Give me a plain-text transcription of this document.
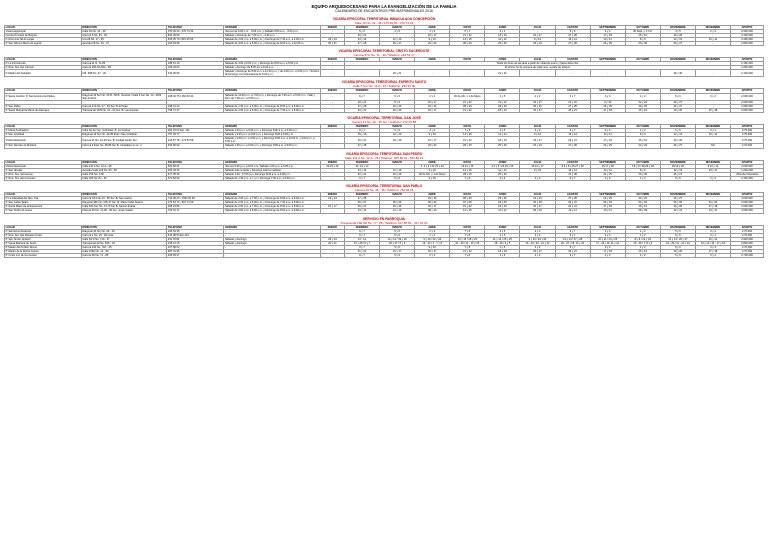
EQUIPO ARQUIDIOCESANO PARA LA EVANGELIZACIÓN DE LA FAMILIA
CALENDARIO DE ENCUENTROS PRE-MATRIMONIALES 2016
VICARÍA EPISCOPAL TERRITORIAL INMACULADA CONCEPCIÓN
Calle 19 No. 32 - 46 / 370 49 40 - 370 74 32
LUGAR	DIRECCIÓN	TELÉFONO	HORARIO	ENERO	FEBRERO	MARZO	ABRIL	MAYO	JUNIO	JULIO	AGOSTO	SEPTIEMBRE	OCTUBRE	NOVIEMBRE	DICIEMBRE	APORTE
Vicaría Episcopal	Calle 19 No. 32 - 46	370 49 40 - 370 74 32	Viernes de 6:30 p.m. - 9:00 p.m. y Sábado 8:00 a.m. - 6:00 p.m.	-	5 y 6	4 y 5	1 y 2	6 y 7	3 y 4	-	5 y 6	2 y 3	30 Sept. y 1 Oct.	4 y 5	2 y 3	2.900.000
Comité Primado de Bogotá	Carrera 5 No. 25 - 03	831 33 53	Sábado y Domingo de 7:00 a.m. - 2:30 p.m.	-	20 y 21	-	16 y 17	21 y 22	18 y 19	16 y 17	27 y 28	17 y 18	15 y 16	19 y 20	-	3.100.000
P. Nino Ana Tal de Liejas	Cra 28 No. 17 - 35	815 25 70 / 815 25 66	Sábado de 2:00 p.m. a 6:00 p.m. y Domingo de 7:30 a.m. a 2:30 p.m.	23 y 24	13 y 14	12 y 13	9 y 10	14 y 15	11 y 12	9 y 10	13 y 14	10 y 11	8 y 9	12 y 13	10 y 11	3.400.000
P. San Alfonso María de Ligorio	Avenida 28 No. 39 - 37	244 53 08	Sábado de 9:00 a.m. a 5:00 p.m. y Domingo de 8:00 a.m. a 12:00 m.	30 y 31	27 y 28	26 y 27	23 y 24	28 y 29	25 y 26	23 y 24	27 y 28	24 y 25	29 y 30	26 y 27	-	2.800.000
VICARÍA EPISCOPAL TERRITORIAL CRISTO SACERDOTE
Carrera 27C No. 71 - 30 / Teléfono: 240 51 17
LUGAR	DIRECCIÓN	TELÉFONO	HORARIO	ENERO	FEBRERO	MARZO	ABRIL	MAYO	JUNIO	JULIO	AGOSTO	SEPTIEMBRE	OCTUBRE	NOVIEMBRE	DICIEMBRE	APORTE
P. La Porciúncula	Carrera 11 N. 71-83	248 61 19	Sábado de 3:00 a 6:00 p.m. y Domingo de 8:00 a.m. a 5:00 p.m.	-	Todos los fines de semana a partir de mitad de enero y hasta diciembre											2.150.000
P. Ntra. Sra. Del Carmen	Carrera 28A No.65A - 59	249 33 64	Sábado y domingo de 8:00 am a 6:00 p.m.	-	El primer fin de semana de cada mes, a partir de febrero											2.250.000
P. Madre del Salvador	Cl6. 53B No. 27 - 46	310 45 56	Sábado y Domingo de 8:00 a.m. a 12:30 p.m. y de 2:00 p.m. a 6:00 p.m. / Tercera di Domingo con la Eucaristía de 5:00 p.m.	-	-	20 y 21	-	-	21 y 22	-	-	-	-	29 y 30	-	2.100.000
VICARÍA EPISCOPAL TERRITORIAL ESPÍRITU SANTO
Calle 6 Sur No. 14-A - 15 / Teléfono: 233 91 00
LUGAR	DIRECCIÓN	TELÉFONO	HORARIO	ENERO	FEBRERO	MARZO	ABRIL	MAYO	JUNIO	JULIO	AGOSTO	SEPTIEMBRE	OCTUBRE	NOVIEMBRE	DICIEMBRE	APORTE
P. Santa Cecilia / P. San Antonio de Padua	Diagonal 40 Sur No. 53 B - 56 B. Venecia / Calle 6 Sur No. 14 - 08 B. San Antonio	238 03 75 / 366 80 40	Sábado de 12:30 p.m. a 7:00 p.m. y Domingo de 7:00 a.m. a 5:00 p.m. / Sáb y Dom de 7:00 a.m. a 5:00 p.m.	-	6 y 7	5 y 6	2 y 3	30 de Abr. y 1 de Mayo	4 y 5	2 y 3	6 y 7	3 y 4	1 y 2	5 y 6	3 y 4	2.000.000
				-	20 y 21	8 y 9	16 y 17	21 y 22	11 y 12	16 y 17	21 y 22	9 y 10	22 y 23	26 y 27	-	2.000.000
P. San Pablo	Carrera 17A No. 17 - 63 Sur. B. El Tejar	238 41 24	Sábado de 1:30 p.m. a 6:00 p.m. y Domingo de 8:00 a.m. a 5:00 p.m.	-	27 y 28	19 y 20	23 y 24	28 y 29	25 y 26	30 y 31	27 y 28	24 y 25	29 y 30	26 y 27	-	2.900.000
P. Santa Margarita María de Alacoque	Transversal 18 B No. 61 - 04 Sur. B. Las Acacias	796 71 37	Sábado de 2:00 p.m. a 6:00 p.m. y Domingo de 7:00 a.m. a 6:00 p.m.	-	20 y 21	19 y 20	16 y 17	21 y 22	18 y 19	16 y 17	20 y 21	17 y 18	15 y 16	19 y 20	10 y 18	3.000.000
VICARÍA EPISCOPAL TERRITORIAL SAN JOSÉ
Carrera 11 No. 16 - 25 Sur / Teléfono: 272 53 58
LUGAR	DIRECCIÓN	TELÉFONO	HORARIO	ENERO	FEBRERO	MARZO	ABRIL	MAYO	JUNIO	JULIO	AGOSTO	SEPTIEMBRE	OCTUBRE	NOVIEMBRE	DICIEMBRE	APORTE
P. María Auxiliadora	Calle 40 Sur No. 4-26 Este. B. La Victoria	264 15 02 Ext. 114	Sábado 2:00 p.m. a 6:00 p.m. y Domingo 8:00 a.m. a 6:00 p.m.	-	6 y 7	5 y 6	2 y 3	7 y 8	4 y 5	2 y 3	6 y 7	3 y 4	1 y 2	5 y 6	3 y 4	2.75.000
P. San Cristóbal	Diagonal 13 Sur No. 40-95 Este / San Cristóbal	757 04 77	Sábado y 3:00 p.m. a 6:00 p.m. y Domingo 8:00 a 6:00 p.m.	-	15 y 16	12 y 13	9 y 10	14 y 15	11 y 12	9 y 10	13 y 14	10 y 11	8 y 9	12 y 13	10 y 11	2.75.000
Vicaría Episcopal	Carrera 11 No. 16-25 Sur. B. Ciudad Jardín Sur	243 57 78 - 272 53 58	Sábado y 2:00 p.m. a 6:00 p.m. y Domingo 8:00 a.m. a 12:00 m. y 2:00 p.m. a 6:00 p.m.	-	20 y 21	19 y 20	16 y 17	21 y 22	18 y 19	16 y 17	20 y 21	17 y 18	15 y 16	19 y 20	-	2.75.000
P. San Damián de Molokai	Carrera 3 Este No. 28-85 Sur B. Ciudadela 1 Loc. 4	462 56 92	Sábado 1:45 p.m. a 6:00 p.m. y Domingo 8:00 a.m. a 5:00 p.m.	-	27 y 28	-	23 y 24	28 y 29	25 y 26	23 y 24	27 y 28	24 y 25	22 y 23	26 y 27	NO	2.70.000
VICARÍA EPISCOPAL TERRITORIAL SAN PEDRO
Calle 131 A No. 12-A - 26 / Teléfono: 625 82 21 - 520 82 21
LUGAR	DIRECCIÓN	TELÉFONO	HORARIO	ENERO	FEBRERO	MARZO	ABRIL	MAYO	JUNIO	JULIO	AGOSTO	SEPTIEMBRE	OCTUBRE	NOVIEMBRE	DICIEMBRE	APORTE
Vicaría Episcopal	Calle 131 A No. 12-A - 26	520 82 21	Viernes 6:30 p.m. a 9:00 p.m. Sábado 1:00 p.m. a 6:00 p.m.	22,23 y 24	12, 13 y 14	-	1, 2 y 3 / 22,23 y 24	13,14 y 15	3,4 y 5 / 24,25 y 26	15,16 y 17	5,6 y 8 / 26,27 y 28	16,17 y 18	7,8 y 9 / 28,29 y 30	18,19 y 20	9,10 y 11	2.000.000
P. San Nicolás	Avenida Calle 116 No. 60 - 50	253 03 34	Sábado todo la tarde y Domingo todo la mañana	-	13 y 14	12 y 13	9 y 10	14 y 15	11 y 12	9 y 10	13 y 14	10 y 11	8 y 9	12 y 13	10 y 11	1.200.000
P. Ntra. Sra. del Campo	Calle 153 No. A 50	677 35 46	Sábado 1:00 - 17:00 p.m. Domingo 8:00 a.m. a 6:00 p.m.	-	20 y 21	19 y 20	30 de Abr. y 1 de Mayo	28 y 29	25 y 26	-	27 y 28	24 y 25	29 y 30	26 y 27	-	Ofrenda Voluntaria
P. Ntra. Sra. del Consuelo	Calle 156 No 7H - 40	671 84 90	Sábado de 1:30 p.m. a 7 p.m. Domingo 7:00 a.m. a 6:00 p.m.	-	6 y 7	5 y 6	9 y 10	7 y 8	4 y 5	2 y 3	6 y 7	3 y 4	1 y 2	5 y 6	3 y 4	2.150.000
VICARÍA EPISCOPAL TERRITORIAL SAN PABLO
Carrera 29 No. 45 - 45 / Teléfono: 764 02 06
LUGAR	DIRECCIÓN	TELÉFONO	HORARIO	ENERO	FEBRERO	MARZO	ABRIL	MAYO	JUNIO	JULIO	AGOSTO	SEPTIEMBRE	OCTUBRE	NOVIEMBRE	DICIEMBRE	APORTE
P. La Natividad del Ntro. Sra.	Carrera 18 A No.13 - 55 Sur. B. San Carlos	714 28 23 - 7063 62 63	Sábado de 2:00 p.m. a 7:00 p.m. y Domingo de 8:00 a.m. a 6:00 p.m.	23 y 24	27 y 28	-	23 y 24	28 y 29	25 y 26	23 y 24	27 y 28	24 y 25	22 y 23	26 y 27	-	3.000.000
P. San Judas Tadeo	Diagonal 36F No. 105-17 Sur. B. Marco Fidel Suárez	270 54 73 - 567 74 09	Sábado de 2:00 p.m. a 6:00 p.m. y Domingo de 7:00 a.m. a 5:00 p.m.	-	06 y 07	05 y 06	02 y 03	07 y 08	04 y 05	02 y 03	06 y 07	03 y 04	01 y 02	05 y 06	03 y 04	3.000.000
P. Santa María de la Esperanza	Calle 63A Sur No. 73-70 Sur B. Santa Librada	298 23 86	Sábado de 2:00 p.m. a 7:00 p.m. y Domingo de 8:00 a.m. a 5:00 p.m.	16 y 17	20 y 21	19 y 20	16 y 17	21 y 22	18 y 19	16 y 17	20 y 21	17 y 18	15 y 16	19 y 20	17 y 18	2.000.000
P. San Pedro de Arana	Carrera 36 No. 17-09 - 36 Sur. Jorge Gaitán	764 01 71	Sábado de 2:00 p.m. a 6:00 p.m. y Domingo de 8:00 a.m. a 6:00 p.m.	-	13 y 14	12 y 13	09 y 10	14 y 15	11 y 12	09 y 10	13 y 14	10 y 11	08 y 09	12 y 13	10 y 11	3.000.000
SERVICIO EN PARROQUIA
Transversal 15E 8H No. 77 - 85 / Teléfono: 617 85 81 - 317 01 03
LUGAR	DIRECCIÓN	TELÉFONO	HORARIO	ENERO	FEBRERO	MARZO	ABRIL	MAYO	JUNIO	JULIO	AGOSTO	SEPTIEMBRE	OCTUBRE	NOVIEMBRE	DICIEMBRE	APORTE
P. Santísimo Redentor	Diagonal 30 Sur No. 26 - 16	226 53 38	-	-	6 y 7	5 y 6	2 y 3	7 y 8	4 y 5	2 y 3	6 y 7	3 y 4	1 y 2	5 y 6	3 y 4	2.70.000
P. Ntra. Sra. Del Rosario (Cota)	Carrera 1 No. 15 - 93 Cota	610 08 50 Ext.113	-	-	6 y 7	5 y 6	2 y 3	7 y 8	4 y 5	2 y 3	6 y 7	3 y 4	1 y 2	5 y 6	3 y 4	2.70.000
P. San Simón Apóstol	Calle 63 D No. 71A - 37	311 78 82	Sábado y domingo	23 y 24	13 - 14	12 y 13 / 19 y 20	9 y 10 / 23 y 24	14 y 15 / 28 y 29	11 y 12 / 25 y 26	9 y 10 / 23 y 24	13 y 14 / 27 y 28	10 y 11 / 24 y 25	8 y 9 / 22 y 23	12 y 13 / 26 y 27	10 y 11	2.900.000
P. Santa Mariana de Jesús	Transversal 40 No. 60D - 43	315 14 15	Sábado y domingo	20 y 21	27 y 28 / 6 y 7	26 y 27 / 5 y 6	16 - 24 / 2 - 7 y 8	21 - 29 / 11 - 12 y 15	18 - 26 / 4 y 5	16 - 23 / 20 - 21 y 22	20 - 27 / 13, 14 y 15	17 - 24 / 10, 11 y 12	15 - 29 / 7, 8 y 9	19 - 26 / 11 - 12 y 13	10 y 11 / 16 - 17 y 18	2.800.000
P. Madre del Perdón Divino	Carrera 104 No. 71D - 25	227 68 02	-	-	6 y 7	5 y 6	9 y 10	7 y 8	4 y 5	2 y 3	6 y 7	3 y 4	1 y 2	5 y 6	3 y 4	2.70.000
P. Madre de la Divina Gracia	Calle 138A No. 12 - 50	687 01 95	-	-	21 y 21	16 y 17	16 y 17	21 y 22	18 y 19	16 y 17	20 y 21	17 y 18	15 y 16	19 y 20	17 y 18	2.70.000
P. Cristo Luz de los Gentes	Carrera 96 No. 71 - 85	435 93 47	-	-	6 y 7	5 y 6	2 y 3	7 y 8	4 y 5	2 y 3	6 y 7	3 y 4	1 y 2	5 y 6	3 y 4	2.700.000
